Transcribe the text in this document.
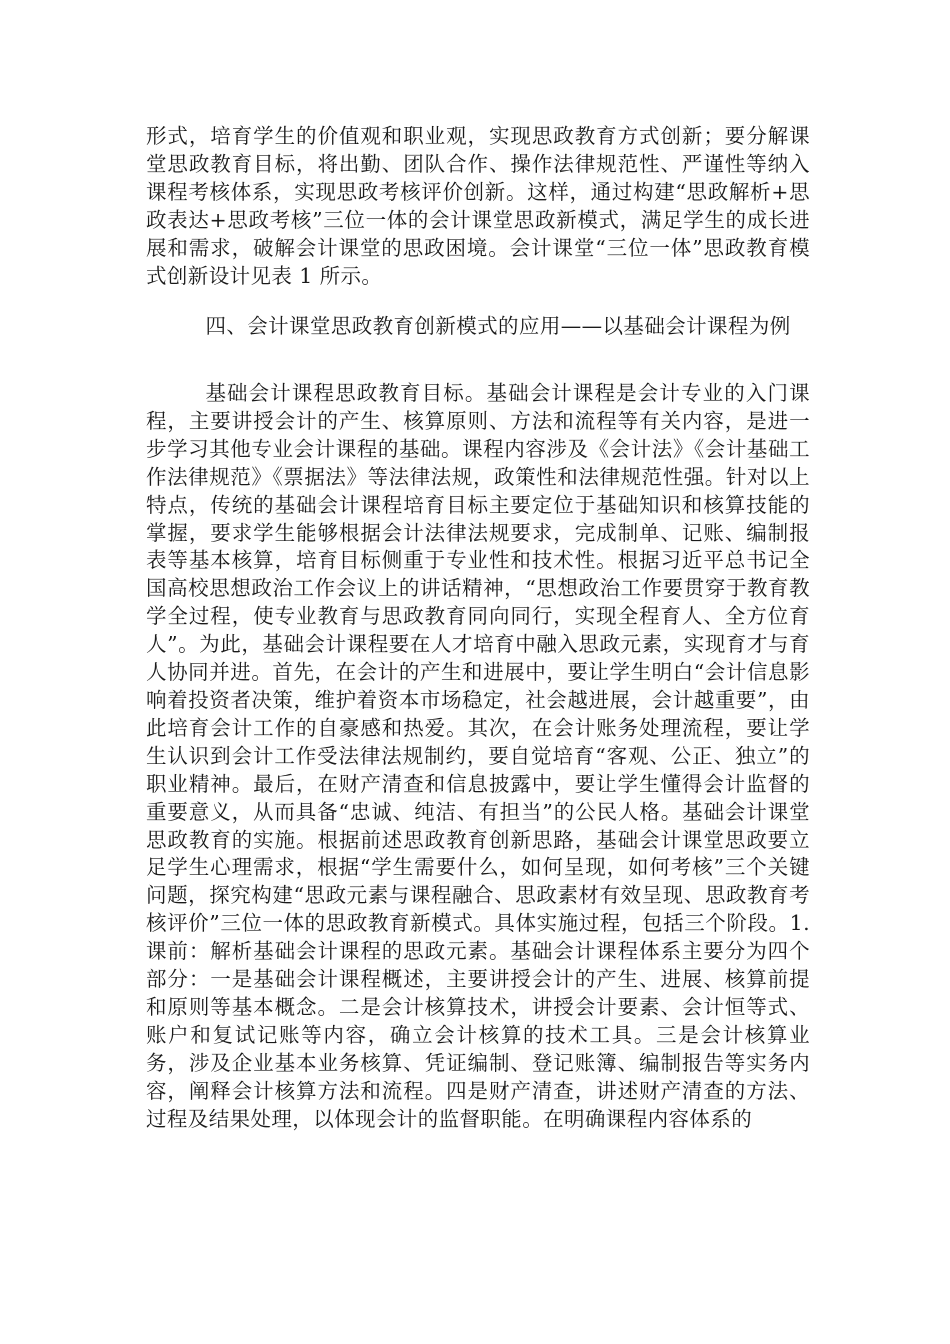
形式，培育学生的价值观和职业观，实现思政教育方式创新；要分解课堂思政教育目标，将出勤、团队合作、操作法律规范性、严谨性等纳入课程考核体系，实现思政考核评价创新。这样，通过构建“思政解析+思政表达+思政考核”三位一体的会计课堂思政新模式，满足学生的成长进展和需求，破解会计课堂的思政困境。会计课堂“三位一体”思政教育模式创新设计见表 1 所示。

四、会计课堂思政教育创新模式的应用——以基础会计课程为例

基础会计课程思政教育目标。基础会计课程是会计专业的入门课程，主要讲授会计的产生、核算原则、方法和流程等有关内容，是进一步学习其他专业会计课程的基础。课程内容涉及《会计法》《会计基础工作法律规范》《票据法》等法律法规，政策性和法律规范性强。针对以上特点，传统的基础会计课程培育目标主要定位于基础知识和核算技能的掌握，要求学生能够根据会计法律法规要求，完成制单、记账、编制报表等基本核算，培育目标侧重于专业性和技术性。根据习近平总书记全国高校思想政治工作会议上的讲话精神，“思想政治工作要贯穿于教育教学全过程，使专业教育与思政教育同向同行，实现全程育人、全方位育人”。为此，基础会计课程要在人才培育中融入思政元素，实现育才与育人协同并进。首先，在会计的产生和进展中，要让学生明白“会计信息影响着投资者决策，维护着资本市场稳定，社会越进展，会计越重要”，由此培育会计工作的自豪感和热爱。其次，在会计账务处理流程，要让学生认识到会计工作受法律法规制约，要自觉培育“客观、公正、独立”的职业精神。最后，在财产清查和信息披露中，要让学生懂得会计监督的重要意义，从而具备“忠诚、纯洁、有担当”的公民人格。基础会计课堂思政教育的实施。根据前述思政教育创新思路，基础会计课堂思政要立足学生心理需求，根据“学生需要什么，如何呈现，如何考核”三个关键问题，探究构建“思政元素与课程融合、思政素材有效呈现、思政教育考核评价”三位一体的思政教育新模式。具体实施过程，包括三个阶段。1.课前：解析基础会计课程的思政元素。基础会计课程体系主要分为四个部分：一是基础会计课程概述，主要讲授会计的产生、进展、核算前提和原则等基本概念。二是会计核算技术，讲授会计要素、会计恒等式、账户和复试记账等内容，确立会计核算的技术工具。三是会计核算业务，涉及企业基本业务核算、凭证编制、登记账簿、编制报告等实务内容，阐释会计核算方法和流程。四是财产清查，讲述财产清查的方法、过程及结果处理，以体现会计的监督职能。在明确课程内容体系的
